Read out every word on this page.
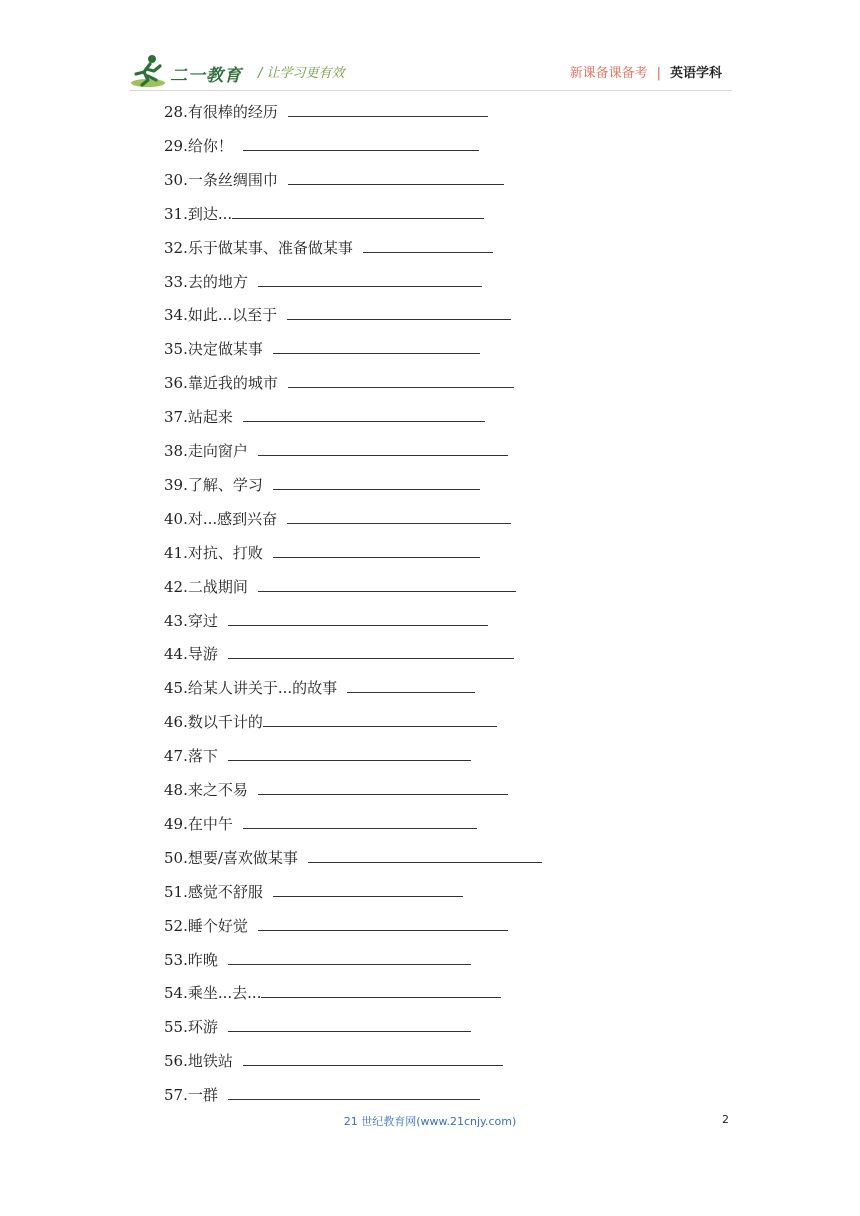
二一教育 / 让学习更有效	新课备课备考 | 英语学科
28.有很棒的经历
29.给你！
30.一条丝绸围巾
31.到达...
32.乐于做某事、准备做某事
33.去的地方
34.如此...以至于
35.决定做某事
36.靠近我的城市
37.站起来
38.走向窗户
39.了解、学习
40.对...感到兴奋
41.对抗、打败
42.二战期间
43.穿过
44.导游
45.给某人讲关于...的故事
46.数以千计的
47.落下
48.来之不易
49.在中午
50.想要/喜欢做某事
51.感觉不舒服
52.睡个好觉
53.昨晚
54.乘坐...去...
55.环游
56.地铁站
57.一群
21 世纪教育网(www.21cnjy.com)	2
